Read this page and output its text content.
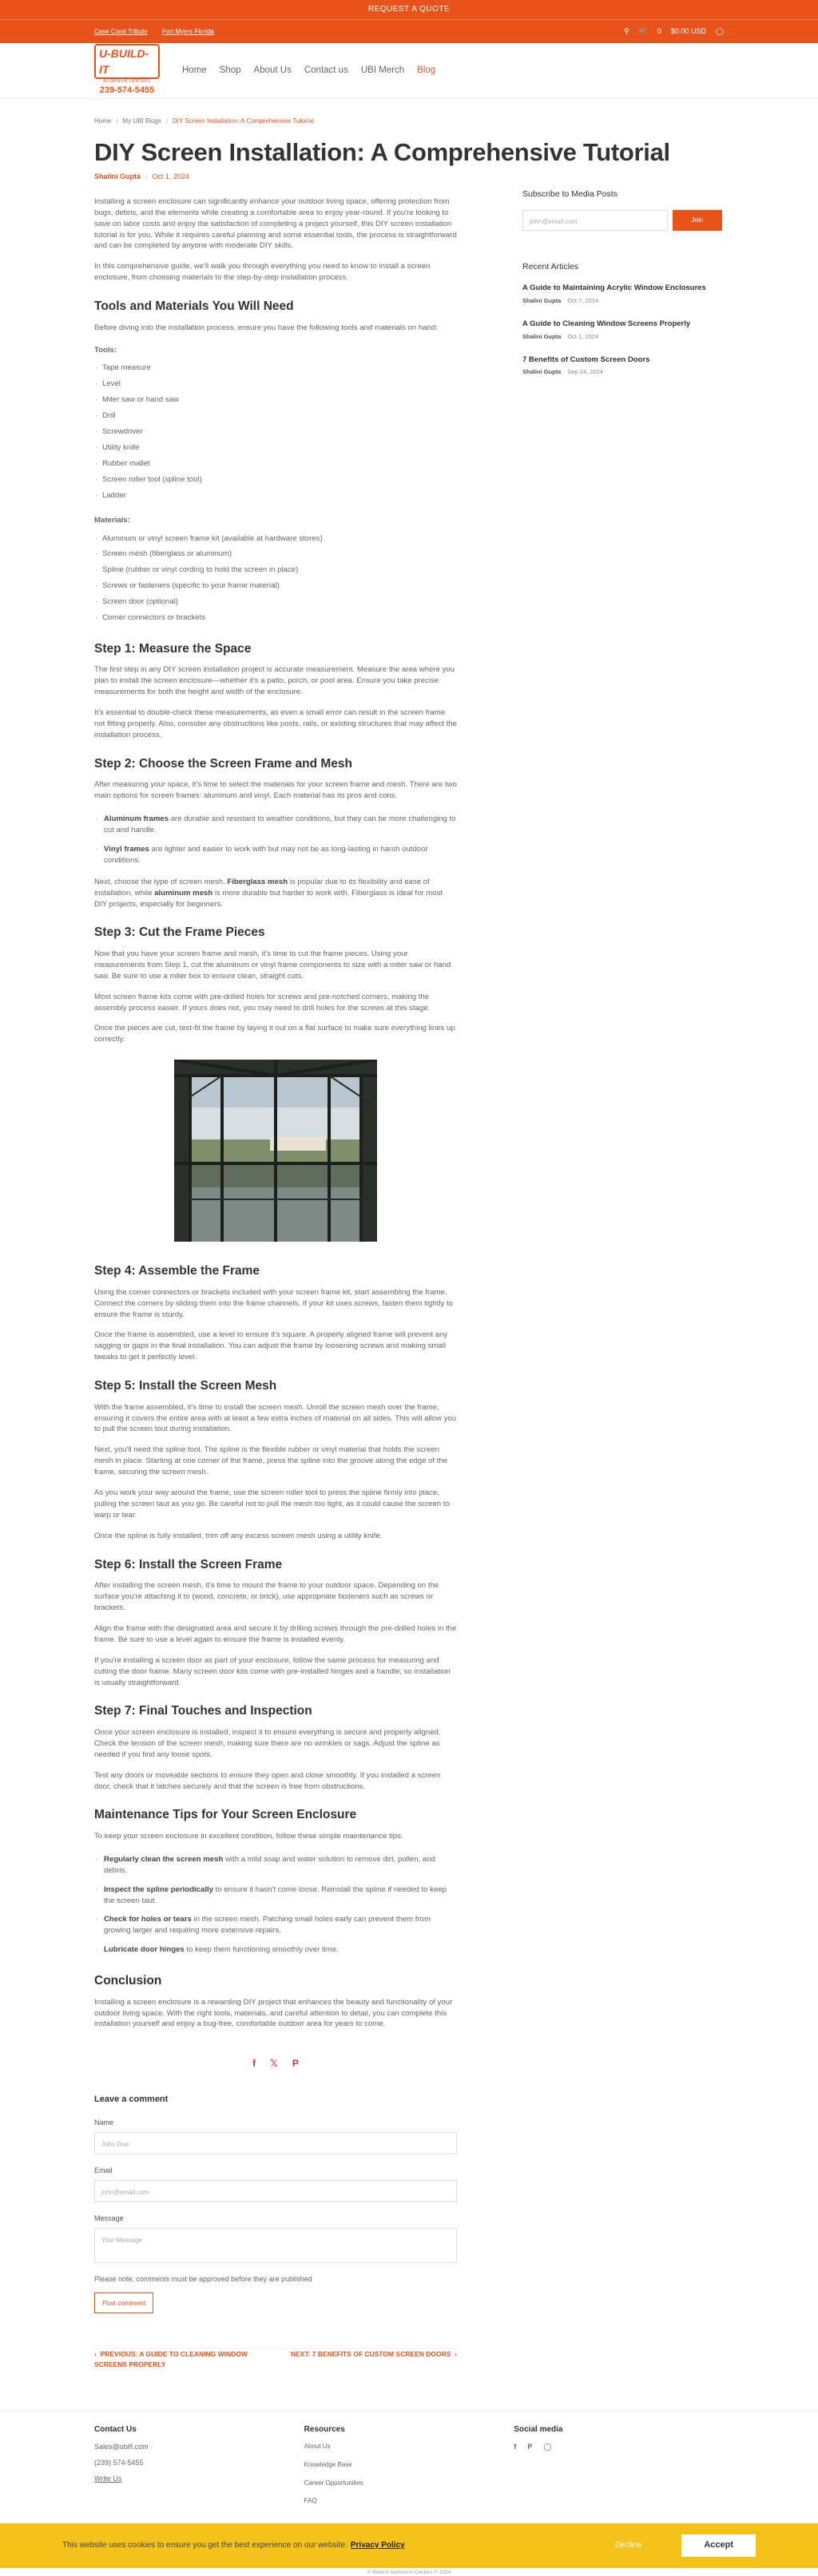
REQUEST A QUOTE
Case Coral Tribute Fort Myers Florida	⚲ 🛒 0 $0.00 USD ◯
U-BUILD-IT
ALUMINUM CENTERS
239-574-5455
Home Shop About Us Contact us UBI Merch Blog
Home | My UBI Blogs | DIY Screen Installation: A Comprehensive Tutorial
DIY Screen Installation: A Comprehensive Tutorial
Shalini Gupta | Oct 1, 2024

Installing a screen enclosure can significantly enhance your outdoor living space, offering protection from bugs, debris, and the elements while creating a comfortable area to enjoy year-round. If you're looking to save on labor costs and enjoy the satisfaction of completing a project yourself, this DIY screen installation tutorial is for you. While it requires careful planning and some essential tools, the process is straightforward and can be completed by anyone with moderate DIY skills.

In this comprehensive guide, we'll walk you through everything you need to know to install a screen enclosure, from choosing materials to the step-by-step installation process.

Tools and Materials You Will Need

Before diving into the installation process, ensure you have the following tools and materials on hand:

Tools:
· Tape measure
· Level
· Miter saw or hand saw
· Drill
· Screwdriver
· Utility knife
· Rubber mallet
· Screen roller tool (spline tool)
· Ladder
Materials:
· Aluminum or vinyl screen frame kit (available at hardware stores)
· Screen mesh (fiberglass or aluminum)
· Spline (rubber or vinyl cording to hold the screen in place)
· Screws or fasteners (specific to your frame material)
· Screen door (optional)
· Corner connectors or brackets
Step 1: Measure the Space

The first step in any DIY screen installation project is accurate measurement. Measure the area where you plan to install the screen enclosure—whether it's a patio, porch, or pool area. Ensure you take precise measurements for both the height and width of the enclosure.

It's essential to double-check these measurements, as even a small error can result in the screen frame not fitting properly. Also, consider any obstructions like posts, rails, or existing structures that may affect the installation process.

Step 2: Choose the Screen Frame and Mesh

After measuring your space, it's time to select the materials for your screen frame and mesh. There are two main options for screen frames: aluminum and vinyl. Each material has its pros and cons.

· Aluminum frames are durable and resistant to weather conditions, but they can be more challenging to cut and handle.
· Vinyl frames are lighter and easier to work with but may not be as long-lasting in harsh outdoor conditions.

Next, choose the type of screen mesh. Fiberglass mesh is popular due to its flexibility and ease of installation, while aluminum mesh is more durable but harder to work with. Fiberglass is ideal for most DIY projects, especially for beginners.

Step 3: Cut the Frame Pieces

Now that you have your screen frame and mesh, it's time to cut the frame pieces. Using your measurements from Step 1, cut the aluminum or vinyl frame components to size with a miter saw or hand saw. Be sure to use a miter box to ensure clean, straight cuts.

Most screen frame kits come with pre-drilled holes for screws and pre-notched corners, making the assembly process easier. If yours does not, you may need to drill holes for the screws at this stage.

Once the pieces are cut, test-fit the frame by laying it out on a flat surface to make sure everything lines up correctly.

Step 4: Assemble the Frame

Using the corner connectors or brackets included with your screen frame kit, start assembling the frame. Connect the corners by sliding them into the frame channels. If your kit uses screws, fasten them tightly to ensure the frame is sturdy.

Once the frame is assembled, use a level to ensure it's square. A properly aligned frame will prevent any sagging or gaps in the final installation. You can adjust the frame by loosening screws and making small tweaks to get it perfectly level.

Step 5: Install the Screen Mesh

With the frame assembled, it's time to install the screen mesh. Unroll the screen mesh over the frame, ensuring it covers the entire area with at least a few extra inches of material on all sides. This will allow you to pull the screen tout during installation.

Next, you'll need the spline tool. The spline is the flexible rubber or vinyl material that holds the screen mesh in place. Starting at one corner of the frame, press the spline into the groove along the edge of the frame, securing the screen mesh.

As you work your way around the frame, use the screen roller tool to press the spline firmly into place, pulling the screen taut as you go. Be careful not to pull the mesh too tight, as it could cause the screen to warp or tear.

Once the spline is fully installed, trim off any excess screen mesh using a utility knife.

Step 6: Install the Screen Frame

After installing the screen mesh, it's time to mount the frame to your outdoor space. Depending on the surface you're attaching it to (wood, concrete, or brick), use appropriate fasteners such as screws or brackets.

Align the frame with the designated area and secure it by drilling screws through the pre-drilled holes in the frame. Be sure to use a level again to ensure the frame is installed evenly.

If you're installing a screen door as part of your enclosure, follow the same process for measuring and cutting the door frame. Many screen door kits come with pre-installed hinges and a handle, so installation is usually straightforward.

Step 7: Final Touches and Inspection

Once your screen enclosure is installed, inspect it to ensure everything is secure and properly aligned. Check the tension of the screen mesh, making sure there are no wrinkles or sags. Adjust the spline as needed if you find any loose spots.

Test any doors or moveable sections to ensure they open and close smoothly. If you installed a screen door, check that it latches securely and that the screen is free from obstructions.

Maintenance Tips for Your Screen Enclosure

To keep your screen enclosure in excellent condition, follow these simple maintenance tips:

· Regularly clean the screen mesh with a mild soap and water solution to remove dirt, pollen, and debris.
· Inspect the spline periodically to ensure it hasn't come loose. Reinstall the spline if needed to keep the screen taut.
· Check for holes or tears in the screen mesh. Patching small holes early can prevent them from growing larger and requiring more extensive repairs.
· Lubricate door hinges to keep them functioning smoothly over time.
Conclusion

Installing a screen enclosure is a rewarding DIY project that enhances the beauty and functionality of your outdoor living space. With the right tools, materials, and careful attention to detail, you can complete this installation yourself and enjoy a bug-free, comfortable outdoor area for years to come.

f 𝕏 P
Leave a comment
Name
John Doe
Email
john@email.com
Message
Your Message
Please note, comments must be approved before they are published
Post comment
‹  PREVIOUS: A GUIDE TO CLEANING WINDOW SCREENS PROPERLY
NEXT: 7 BENEFITS OF CUSTOM SCREEN DOORS  ›
Subscribe to Media Posts
john@email.com	Join
Recent Articles
A Guide to Maintaining Acrylic Window Enclosures
Shalini Gupta Oct 7, 2024
A Guide to Cleaning Window Screens Properly
Shalini Gupta Oct 1, 2024
7 Benefits of Custom Screen Doors
Shalini Gupta Sep 24, 2024
Contact Us
Sales@ubifl.com
(239) 574-5455
Write Us
Resources
About Us
Knowledge Base
Career Opportunities
FAQ
Social media
f P ◯
© Build-It Aluminum Centers © 2024
This website uses cookies to ensure you get the best experience on our website. Privacy Policy	Decline	Accept
